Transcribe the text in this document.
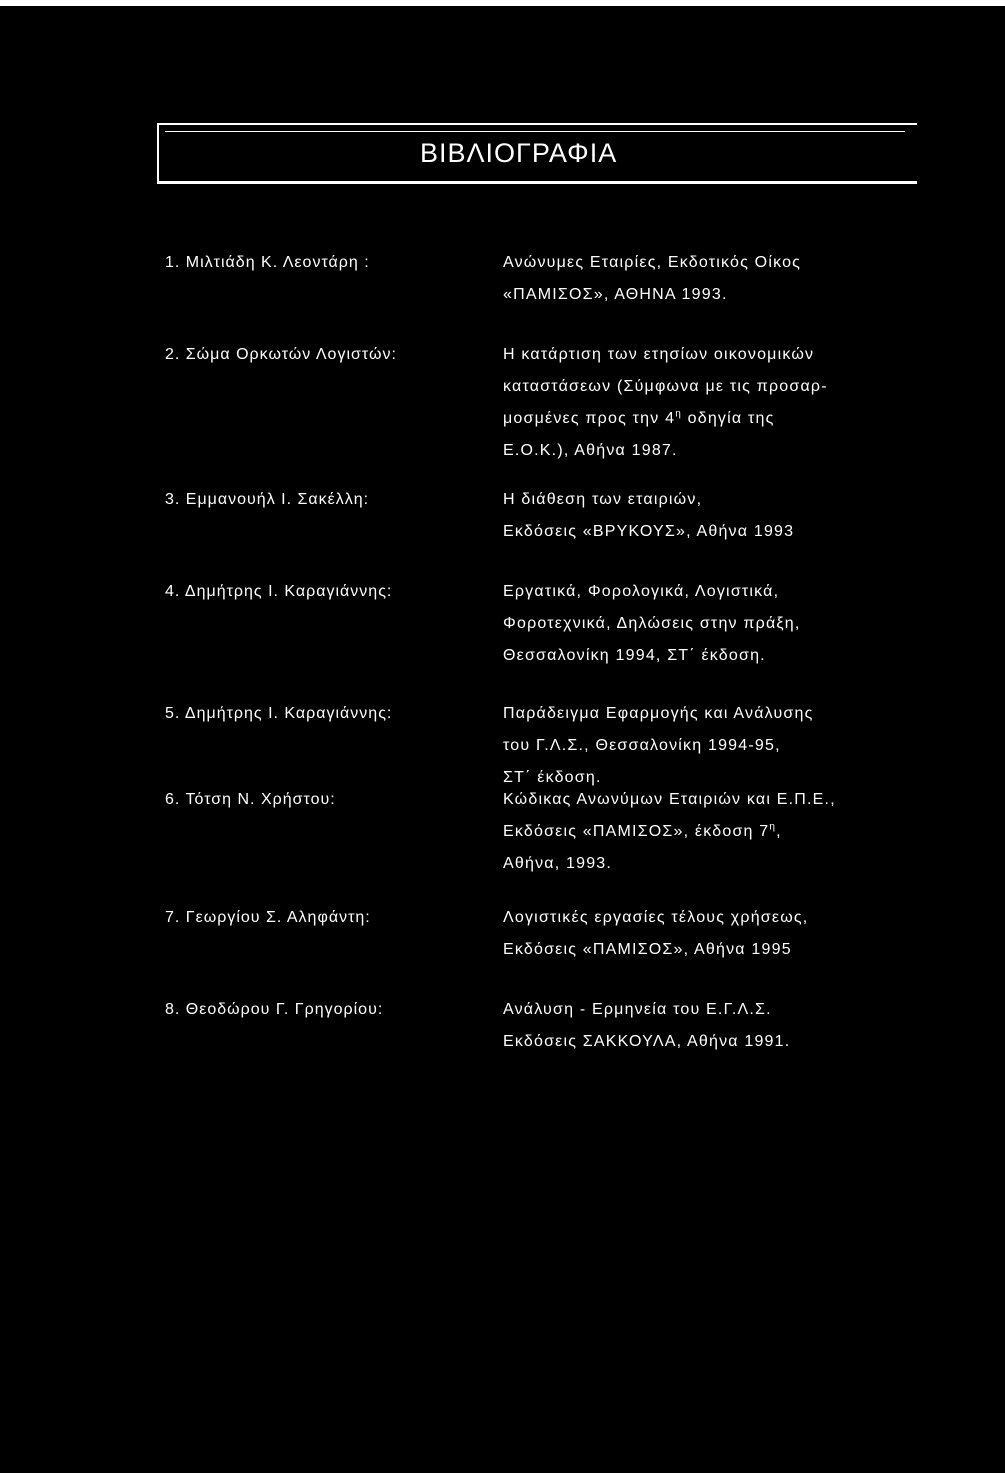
ΒΙΒΛΙΟΓΡΑΦΙΑ
1. Μιλτιάδη Κ. Λεοντάρη :	Ανώνυμες Εταιρίες, Εκδοτικός Οίκος
«ΠΑΜΙΣΟΣ», ΑΘΗΝΑ 1993.
2. Σώμα Ορκωτών Λογιστών:	Η κατάρτιση των ετησίων οικονομικών
καταστάσεων (Σύμφωνα με τις προσαρ-
μοσμένες προς την $4^\eta$ οδηγία της
Ε.Ο.Κ.), Αθήνα 1987.
3. Εμμανουήλ Ι. Σακέλλη:	Η διάθεση των εταιριών,
Εκδόσεις «ΒΡΥΚΟΥΣ», Αθήνα 1993
4. Δημήτρης Ι. Καραγιάννης:	Εργατικά, Φορολογικά, Λογιστικά,
Φοροτεχνικά, Δηλώσεις στην πράξη,
Θεσσαλονίκη 1994, ΣΤ΄ έκδοση.
5. Δημήτρης Ι. Καραγιάννης:	Παράδειγμα Εφαρμογής και Ανάλυσης
του Γ.Λ.Σ., Θεσσαλονίκη 1994-95,
ΣΤ΄ έκδοση.
6. Τότση Ν. Χρήστου:	Κώδικας Ανωνύμων Εταιριών και Ε.Π.Ε.,
Εκδόσεις «ΠΑΜΙΣΟΣ», έκδοση $7^\eta$,
Αθήνα, 1993.
7. Γεωργίου Σ. Αληφάντη:	Λογιστικές εργασίες τέλους χρήσεως,
Εκδόσεις «ΠΑΜΙΣΟΣ», Αθήνα 1995
8. Θεοδώρου Γ. Γρηγορίου:	Ανάλυση - Ερμηνεία του Ε.Γ.Λ.Σ.
Εκδόσεις ΣΑΚΚΟΥΛΑ, Αθήνα 1991.
